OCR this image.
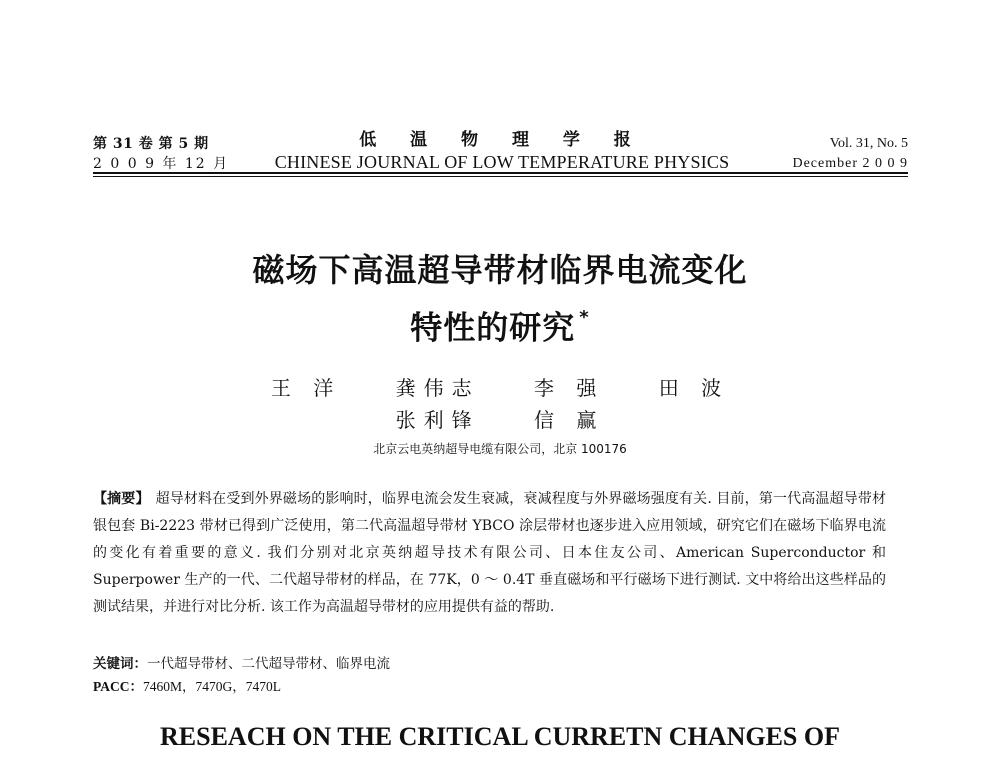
第 31 卷 第 5 期
2 0 0 9 年 12 月
低 温 物 理 学 报
CHINESE JOURNAL OF LOW TEMPERATURE PHYSICS
Vol. 31, No. 5
December 2 0 0 9
磁场下高温超导带材临界电流变化
特性的研究 *
王 洋	龚伟志	李 强	田 波
张利锋	信 赢
北京云电英纳超导电缆有限公司，北京 100176
【摘要】 超导材料在受到外界磁场的影响时，临界电流会发生衰减，衰减程度与外界磁场强度有关. 目前，第一代高温超导带材银包套 Bi-2223 带材已得到广泛使用，第二代高温超导带材 YBCO 涂层带材也逐步进入应用领域，研究它们在磁场下临界电流的变化有着重要的意义. 我们分别对北京英纳超导技术有限公司、日本住友公司、American Superconductor 和 Superpower 生产的一代、二代超导带材的样品，在 77K，0 ～ 0.4T 垂直磁场和平行磁场下进行测试. 文中将给出这些样品的测试结果，并进行对比分析. 该工作为高温超导带材的应用提供有益的帮助.
关键词：一代超导带材、二代超导带材、临界电流
PACC：7460M，7470G，7470L
RESEACH ON THE CRITICAL CURRETN CHANGES OF
